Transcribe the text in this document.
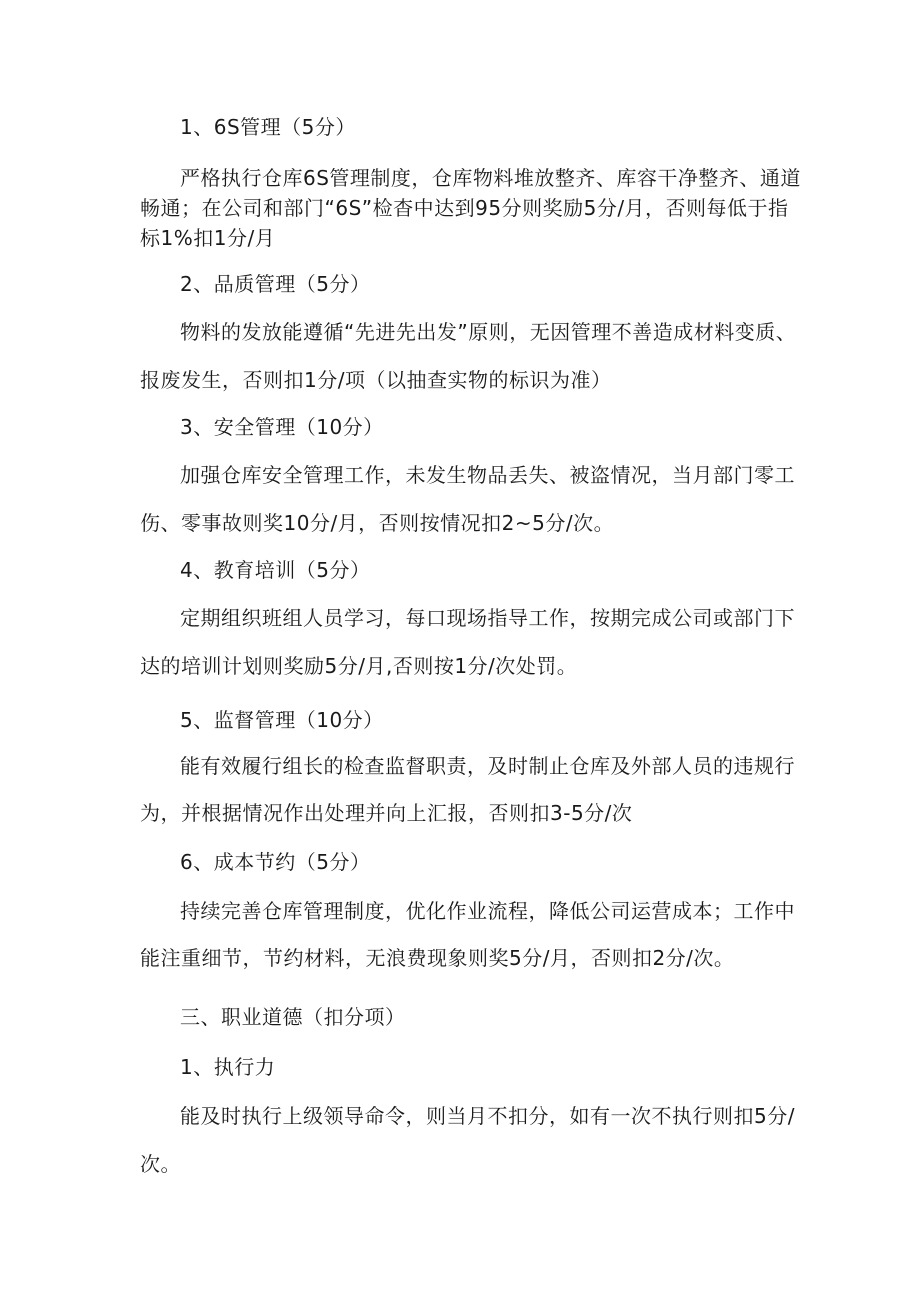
1、6S管理（5分）
严格执行仓库6S管理制度，仓库物料堆放整齐、库容干净整齐、通道
畅通；在公司和部门“6S”检杳中达到95分则奖励5分/月，否则每低于指
标1%扣1分/月
2、品质管理（5分）
物料的发放能遵循“先进先出发”原则，无因管理不善造成材料变质、
报废发生，否则扣1分/项（以抽查实物的标识为准）
3、安全管理（10分）
加强仓库安全管理工作，未发生物品丢失、被盗情况，当月部门零工
伤、零事故则奖10分/月，否则按情况扣2~5分/次。
4、教育培训（5分）
定期组织班组人员学习，每口现场指导工作，按期完成公司或部门下
达的培训计划则奖励5分/月,否则按1分/次处罚。
5、监督管理（10分）
能有效履行组长的检查监督职责，及时制止仓库及外部人员的违规行
为，并根据情况作出处理并向上汇报，否则扣3-5分/次
6、成本节约（5分）
持续完善仓库管理制度，优化作业流程，降低公司运营成本；工作中
能注重细节，节约材料，无浪费现象则奖5分/月，否则扣2分/次。
三、职业道德（扣分项）
1、执行力
能及时执行上级领导命令，则当月不扣分，如有一次不执行则扣5分/
次。
